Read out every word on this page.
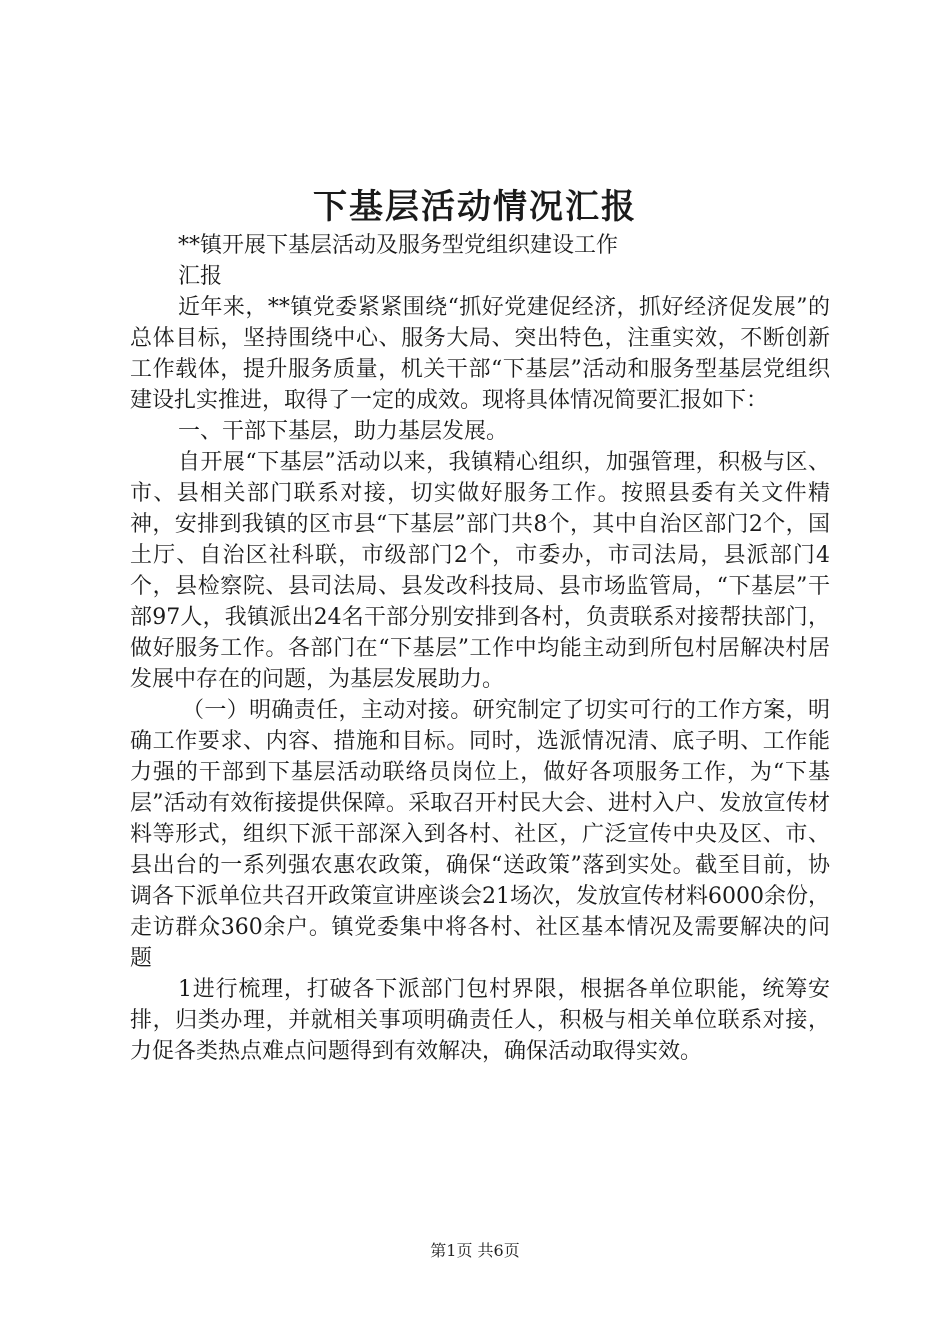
下基层活动情况汇报

**镇开展下基层活动及服务型党组织建设工作

汇报

近年来，**镇党委紧紧围绕“抓好党建促经济，抓好经济促发展”的总体目标，坚持围绕中心、服务大局、突出特色，注重实效，不断创新工作载体，提升服务质量，机关干部“下基层”活动和服务型基层党组织建设扎实推进，取得了一定的成效。现将具体情况简要汇报如下：

一、干部下基层，助力基层发展。

自开展“下基层”活动以来，我镇精心组织，加强管理，积极与区、市、县相关部门联系对接，切实做好服务工作。按照县委有关文件精神，安排到我镇的区市县“下基层”部门共8个，其中自治区部门2个，国土厅、自治区社科联，市级部门2个，市委办，市司法局，县派部门4个，县检察院、县司法局、县发改科技局、县市场监管局，“下基层”干部97人，我镇派出24名干部分别安排到各村，负责联系对接帮扶部门，做好服务工作。各部门在“下基层”工作中均能主动到所包村居解决村居发展中存在的问题，为基层发展助力。

（一）明确责任，主动对接。研究制定了切实可行的工作方案，明确工作要求、内容、措施和目标。同时，选派情况清、底子明、工作能力强的干部到下基层活动联络员岗位上，做好各项服务工作，为“下基层”活动有效衔接提供保障。采取召开村民大会、进村入户、发放宣传材料等形式，组织下派干部深入到各村、社区，广泛宣传中央及区、市、县出台的一系列强农惠农政策，确保“送政策”落到实处。截至目前，协调各下派单位共召开政策宣讲座谈会21场次，发放宣传材料6000余份，走访群众360余户。镇党委集中将各村、社区基本情况及需要解决的问题

1进行梳理，打破各下派部门包村界限，根据各单位职能，统筹安排，归类办理，并就相关事项明确责任人，积极与相关单位联系对接，力促各类热点难点问题得到有效解决，确保活动取得实效。

第1页 共6页
